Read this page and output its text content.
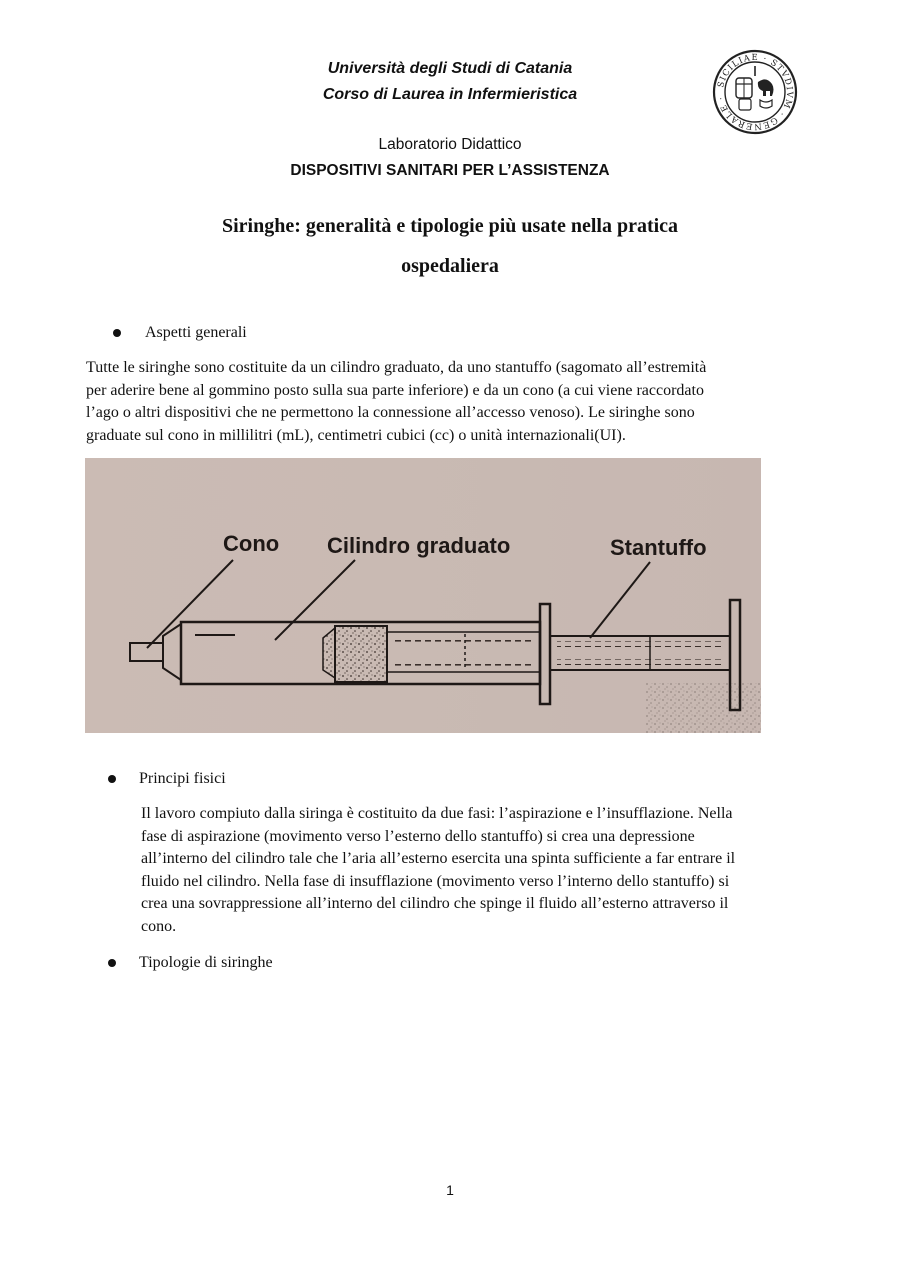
Università degli Studi di Catania
Corso di Laurea in Infermieristica
Laboratorio Didattico
DISPOSITIVI SANITARI PER L’ASSISTENZA
SICILIAE · STVDIVM · GENERALE ·
Siringhe: generalità e tipologie più usate nella pratica
ospedaliera
Aspetti generali
Tutte le siringhe sono costituite da un cilindro graduato, da uno stantuffo (sagomato all’estremità
per aderire bene al gommino posto sulla sua parte inferiore) e da un cono (a cui viene raccordato
l’ago o altri dispositivi che ne permettono la connessione all’accesso venoso). Le siringhe sono
graduate sul cono in millilitri (mL), centimetri cubici (cc) o unità internazionali(UI).
Cono Cilindro graduato	Stantuffo
Principi fisici
Il lavoro compiuto dalla siringa è costituito da due fasi: l’aspirazione e l’insufflazione. Nella
fase di aspirazione (movimento verso l’esterno dello stantuffo) si crea una depressione
all’interno del cilindro tale che l’aria all’esterno esercita una spinta sufficiente a far entrare il
fluido nel cilindro. Nella fase di insufflazione (movimento verso l’interno dello stantuffo) si
crea una sovrappressione all’interno del cilindro che spinge il fluido all’esterno attraverso il
cono.
Tipologie di siringhe
1
